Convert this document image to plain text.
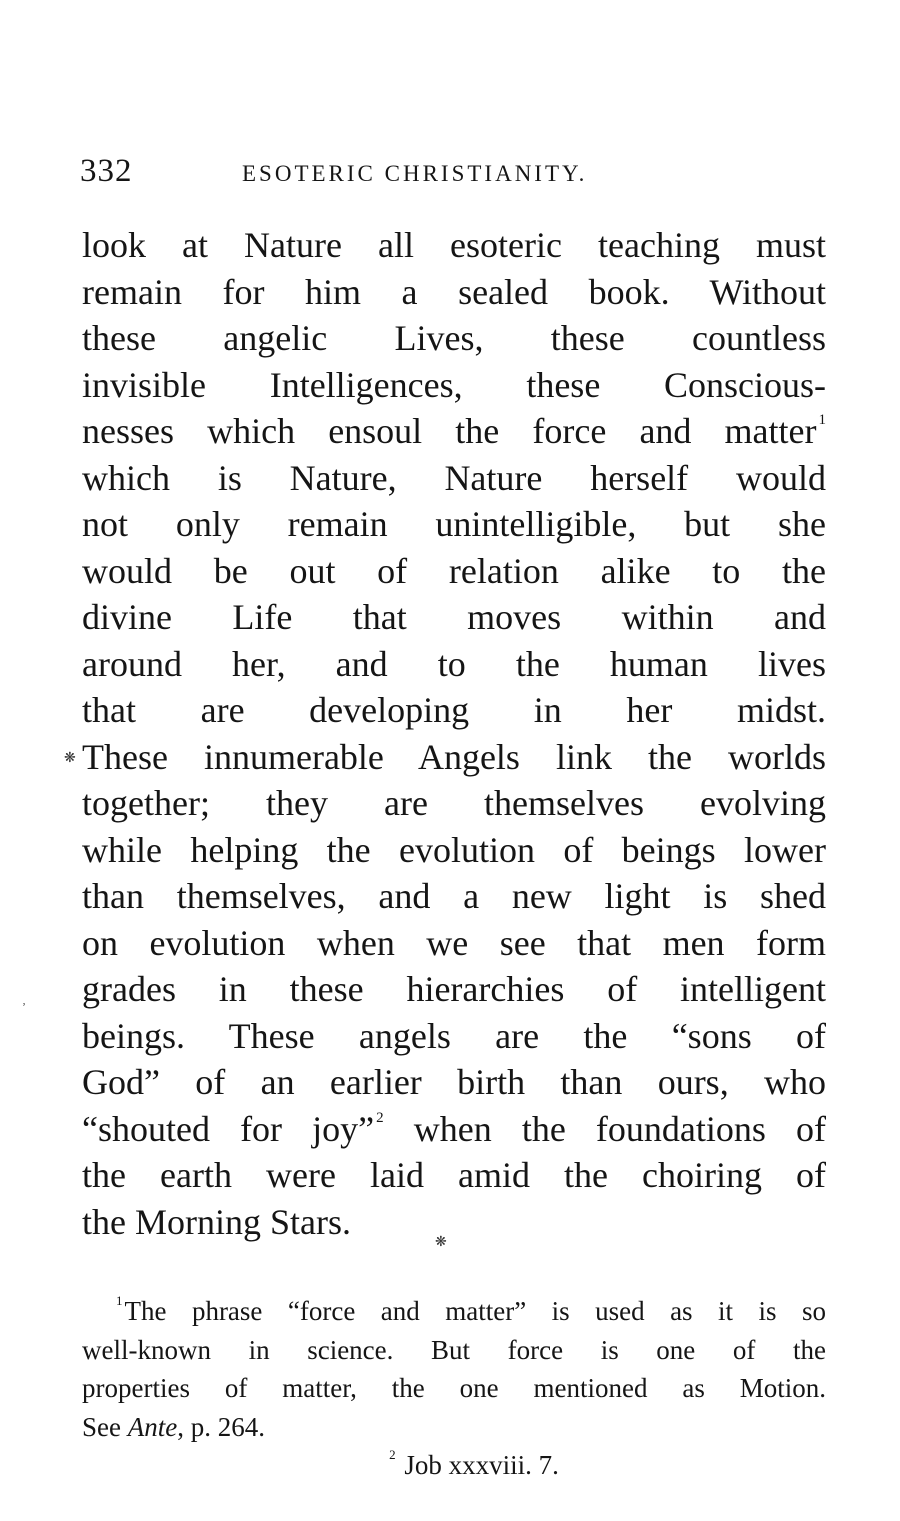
332	ESOTERIC CHRISTIANITY.
❋
ʼ
❋
look at Nature all esoteric teaching must
remain for him a sealed book. Without
these angelic Lives, these countless
invisible Intelligences, these Conscious-
nesses which ensoul the force and matter $^1$
which is Nature, Nature herself would
not only remain unintelligible, but she
would be out of relation alike to the
divine Life that moves within and
around her, and to the human lives
that are developing in her midst.
These innumerable Angels link the worlds
together; they are themselves evolving
while helping the evolution of beings lower
than themselves, and a new light is shed
on evolution when we see that men form
grades in these hierarchies of intelligent
beings. These angels are the “sons of
God” of an earlier birth than ours, who
“shouted for joy” $^2$ when the foundations of
the earth were laid amid the choiring of
the Morning Stars.
$^1$The phrase “force and matter” is used as it is so
well-known in science. But force is one of the
properties of matter, the one mentioned as Motion.
See Ante, p. 264.
$^2$ Job xxxviii. 7.
